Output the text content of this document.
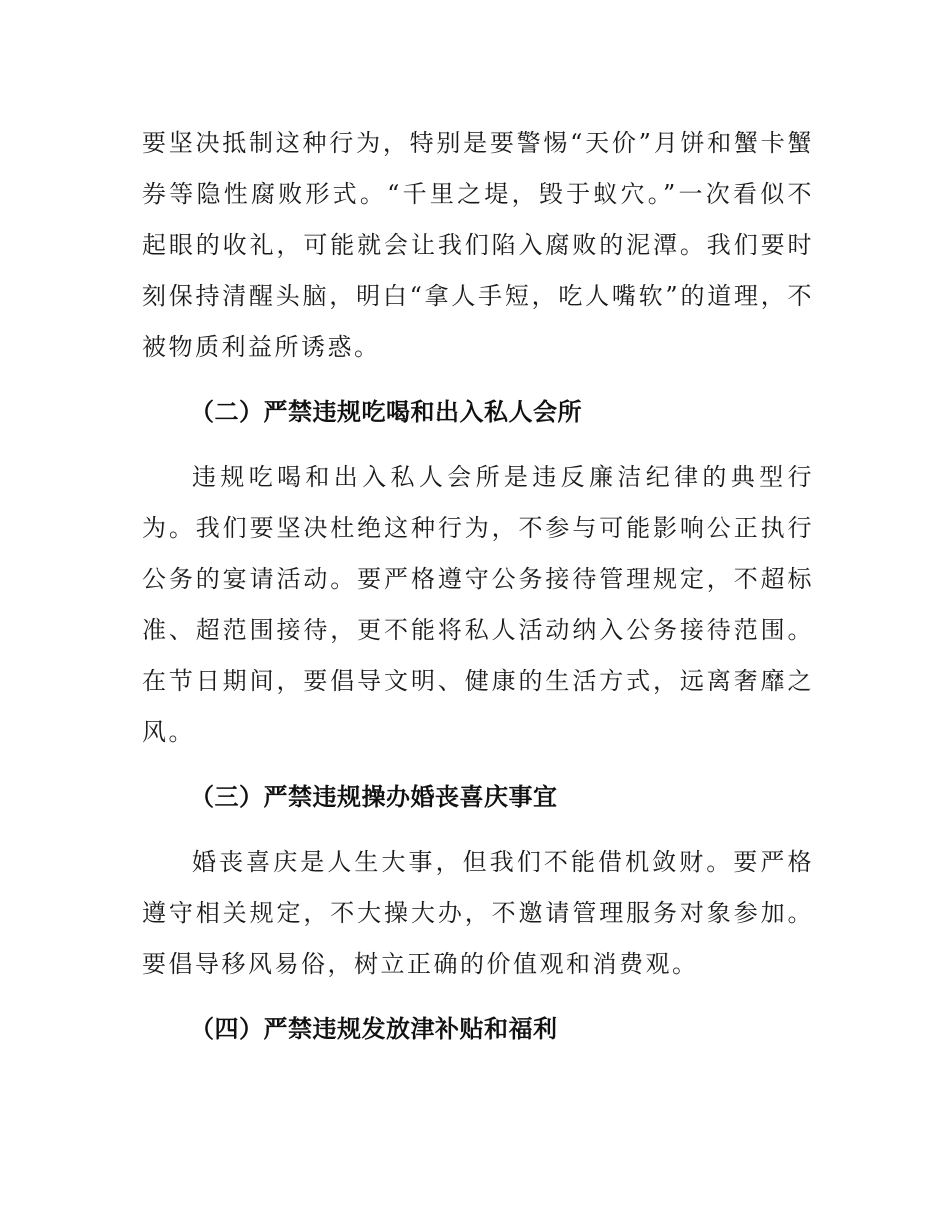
要坚决抵制这种行为，特别是要警惕“天价”月饼和蟹卡蟹券等隐性腐败形式。“千里之堤，毁于蚁穴。”一次看似不起眼的收礼，可能就会让我们陷入腐败的泥潭。我们要时刻保持清醒头脑，明白“拿人手短，吃人嘴软”的道理，不被物质利益所诱惑。

（二）严禁违规吃喝和出入私人会所

违规吃喝和出入私人会所是违反廉洁纪律的典型行为。我们要坚决杜绝这种行为，不参与可能影响公正执行公务的宴请活动。要严格遵守公务接待管理规定，不超标准、超范围接待，更不能将私人活动纳入公务接待范围。在节日期间，要倡导文明、健康的生活方式，远离奢靡之风。

（三）严禁违规操办婚丧喜庆事宜

婚丧喜庆是人生大事，但我们不能借机敛财。要严格遵守相关规定，不大操大办，不邀请管理服务对象参加。要倡导移风易俗，树立正确的价值观和消费观。

（四）严禁违规发放津补贴和福利
